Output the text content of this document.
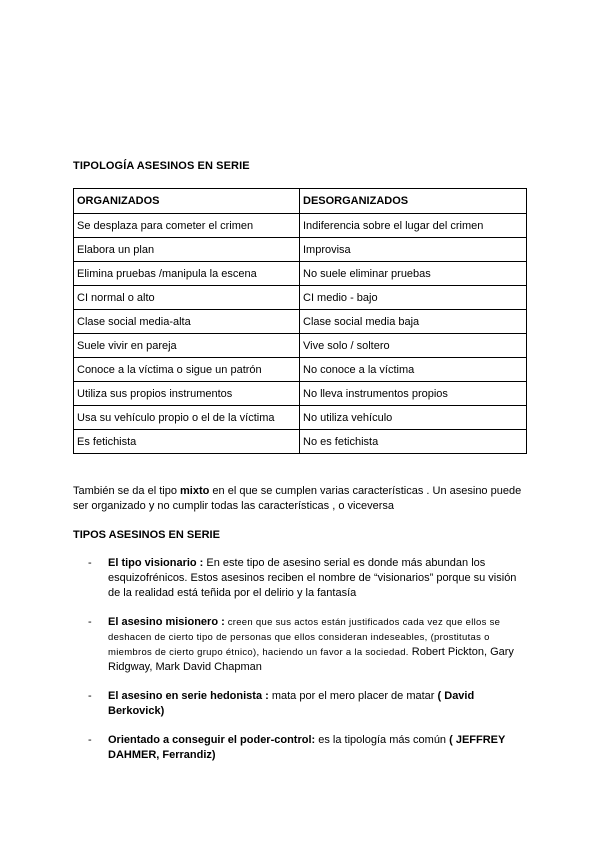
TIPOLOGÍA ASESINOS EN SERIE
ORGANIZADOS	DESORGANIZADOS
Se desplaza para cometer el crimen	Indiferencia sobre el lugar del crimen
Elabora un plan	Improvisa
Elimina pruebas /manipula la escena	No suele eliminar pruebas
CI normal o alto	CI medio - bajo
Clase social media-alta	Clase social media baja
Suele vivir en pareja	Vive solo / soltero
Conoce a la víctima o sigue un patrón	No conoce a la víctima
Utiliza sus propios instrumentos	No lleva instrumentos propios
Usa su vehículo propio o el de la víctima	No utiliza vehículo
Es fetichista	No es fetichista

También se da el tipo mixto en el que se cumplen varias características . Un asesino puede ser organizado y no cumplir todas las características , o viceversa

TIPOS ASESINOS EN SERIE
- El tipo visionario : En este tipo de asesino serial es donde más abundan los esquizofrénicos. Estos asesinos reciben el nombre de “visionarios” porque su visión de la realidad está teñida por el delirio y la fantasía
- El asesino misionero : creen que sus actos están justificados cada vez que ellos se deshacen de cierto tipo de personas que ellos consideran indeseables, (prostitutas o miembros de cierto grupo étnico), haciendo un favor a la sociedad. Robert Pickton, Gary Ridgway, Mark David Chapman
- El asesino en serie hedonista : mata por el mero placer de matar ( David Berkovick)
- Orientado a conseguir el poder-control: es la tipología más común ( JEFFREY DAHMER, Ferrandiz)
